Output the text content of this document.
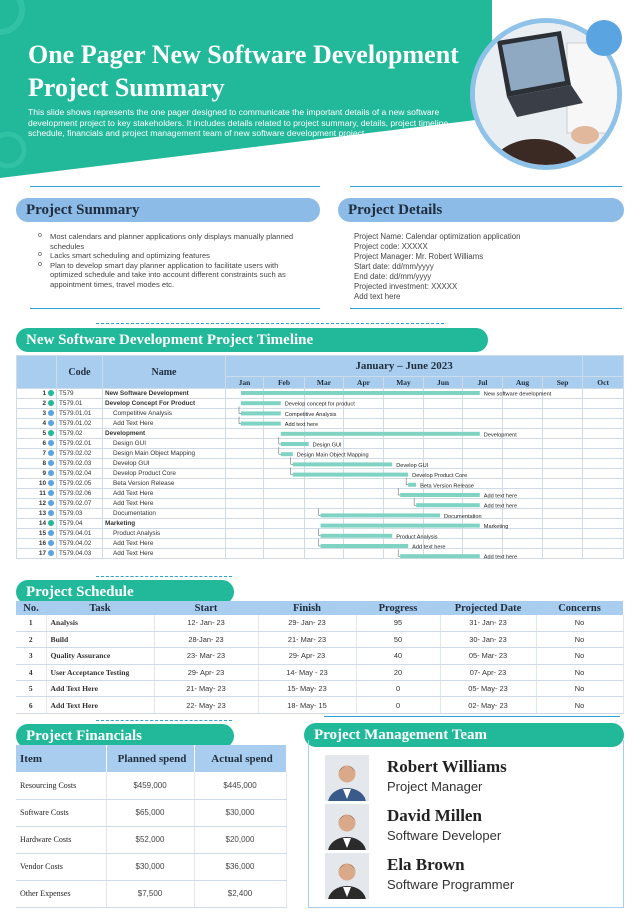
One Pager New Software Development Project Summary
This slide shows represents the one pager designed to communicate the important details of a new software development project to key stakeholders. It includes details related to project summary, details, project timeline, schedule, financials and project management team of new software development project.
Project Summary	Project Details
o Most calendars and planner applications only displays manually planned schedules
o Lacks smart scheduling and optimizing features
o Plan to develop smart day planner application to facilitate users with optimized schedule and take into account different constraints such as appointment times, travel modes etc.
Project Name: Calendar optimization application
Project code: XXXXX
Project Manager: Mr. Robert Williams
Start date: dd/mm/yyyy
End date: dd/mm/yyyy
Projected investment: XXXXX
Add text here
New Software Development Project Timeline
	Code	Name	January – June 2023									
			Jan	Feb	Mar	Apr	May	Jun	Jul	Aug	Sep	Oct
1	T579	New Software Development										
2	T579.01	Develop Concept For Product										
3	T579.01.01	Competitive Analysis										
4	T579.01.02	Add Text Here										
5	T579.02	Development										
6	T579.02.01	Design GUI										
7	T579.02.02	Design Main Object Mapping										
8	T579.02.03	Develop GUI										
9	T579.02.04	Develop Product Core										
10	T579.02.05	Beta Version Release										
11	T579.02.06	Add Text Here										
12	T579.02.07	Add Text Here										
13	T579.03	Documentation										
14	T579.04	Marketing										
15	T579.04.01	Product Analysis										
16	T579.04.02	Add Text Here										
17	T579.04.03	Add Text Here										
New software development
Develop concept for product
Competitive Analysis
Add text here
Development
Design GUI
Design Main Object Mapping
Develop GUI
Develop Product Core
Beta Version Release
Add text here
Add text here
Documentation
Marketing
Product Analysis
Add text here
Add text here
Project Schedule
No.	Task	Start	Finish	Progress	Projected Date	Concerns
1	Analysis	12- Jan- 23	29- Jan- 23	95	31- Jan- 23	No
2	Build	28-Jan- 23	21- Mar- 23	50	30- Jan- 23	No
3	Quality Assurance	23- Mar- 23	29- Apr- 23	40	05- Mar- 23	No
4	User Acceptance Testing	29- Apr- 23	14- May - 23	20	07- Apr- 23	No
5	Add Text Here	21- May- 23	15- May- 23	0	05- May- 23	No
6	Add Text Here	22- May- 23	18- May- 15	0	02- May- 23	No
Project Financials
Item	Planned spend	Actual spend
Resourcing Costs	$459,000	$445,000
Software Costs	$65,000	$30,000
Hardware Costs	$52,000	$20,000
Vendor Costs	$30,000	$36,000
Other Expenses	$7,500	$2,400
Project Management Team
Robert Williams
Project Manager
David Millen
Software Developer
Ela Brown
Software Programmer
